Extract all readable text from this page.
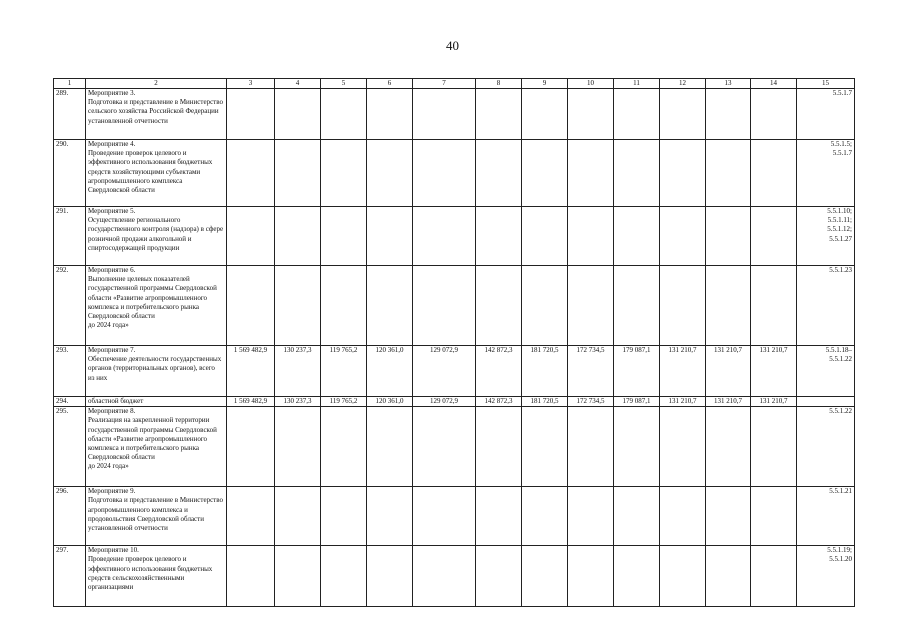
40
1	2	3	4	5	6	7	8	9	10	11	12	13	14	15
289.	Мероприятие 3.
Подготовка и представление в Министерство сельского хозяйства Российской Федерации установленной отчетности													5.5.1.7
290.	Мероприятие 4.
Проведение проверок целевого и эффективного использования бюджетных средств хозяйствующими субъектами агропромышленного комплекса Свердловской области													5.5.1.5;
5.5.1.7
291.	Мероприятие 5.
Осуществление регионального государственного контроля (надзора) в сфере розничной продажи алкогольной и спиртосодержащей продукции													5.5.1.10;
5.5.1.11;
5.5.1.12;
5.5.1.27
292.	Мероприятие 6.
Выполнение целевых показателей государственной программы Свердловской области «Развитие агропромышленного комплекса и потребительского рынка Свердловской области
до 2024 года»													5.5.1.23
293.	Мероприятие 7.
Обеспечение деятельности государственных органов (территориальных органов), всего
из них	1 569 482,9	130 237,3	119 765,2	120 361,0	129 072,9	142 872,3	181 720,5	172 734,5	179 087,1	131 210,7	131 210,7	131 210,7	5.5.1.18–
5.5.1.22
294.	областной бюджет	1 569 482,9	130 237,3	119 765,2	120 361,0	129 072,9	142 872,3	181 720,5	172 734,5	179 087,1	131 210,7	131 210,7	131 210,7	
295.	Мероприятие 8.
Реализация на закрепленной территории государственной программы Свердловской области «Развитие агропромышленного комплекса и потребительского рынка Свердловской области
до 2024 года»													5.5.1.22
296.	Мероприятие 9.
Подготовка и представление в Министерство агропромышленного комплекса и продовольствия Свердловской области установленной отчетности													5.5.1.21
297.	Мероприятие 10.
Проведение проверок целевого и эффективного использования бюджетных средств сельскохозяйственными организациями													5.5.1.19;
5.5.1.20
